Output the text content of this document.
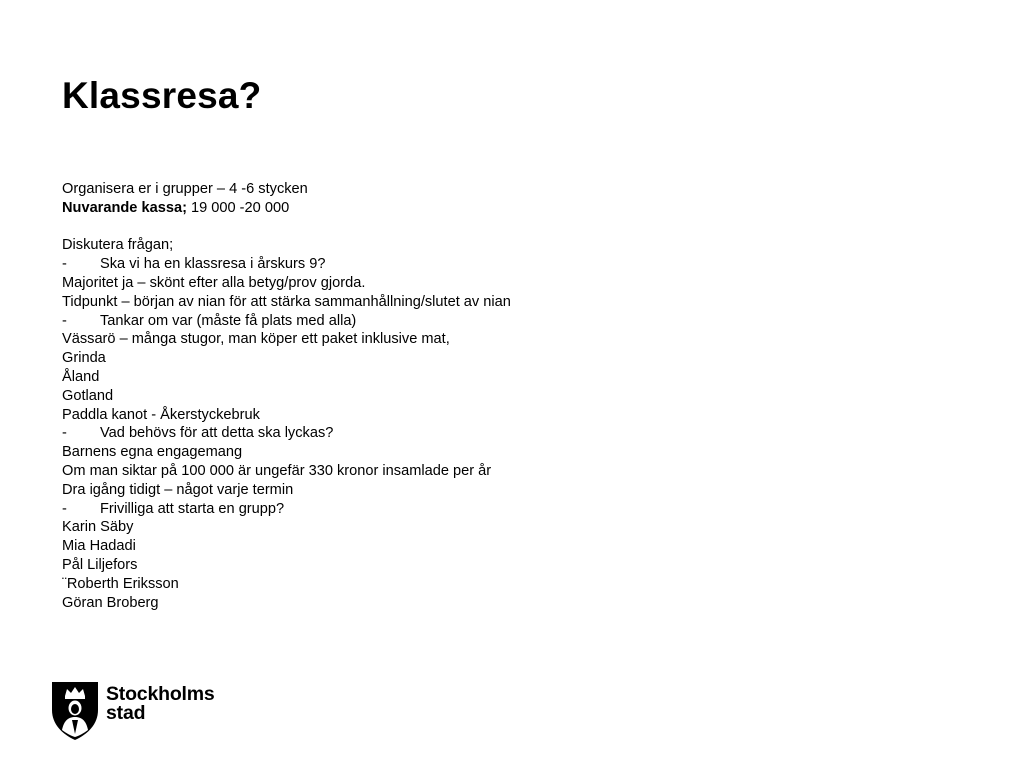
Klassresa?
Organisera er i grupper – 4 -6 stycken
Nuvarande kassa; 19 000 -20 000
Diskutera frågan;
- Ska vi ha en klassresa i årskurs 9?
Majoritet ja – skönt efter alla betyg/prov gjorda.
Tidpunkt – början av nian för att stärka sammanhållning/slutet av nian
- Tankar om var (måste få plats med alla)
Vässarö – många stugor, man köper ett paket inklusive mat,
Grinda
Åland
Gotland
Paddla kanot - Åkerstyckebruk
- Vad behövs för att detta ska lyckas?
Barnens egna engagemang
Om man siktar på 100 000 är ungefär 330 kronor insamlade per år
Dra igång tidigt – något varje termin
- Frivilliga att starta en grupp?
Karin Säby
Mia Hadadi
Pål Liljefors
¨Roberth Eriksson
Göran Broberg
Stockholms
stad
